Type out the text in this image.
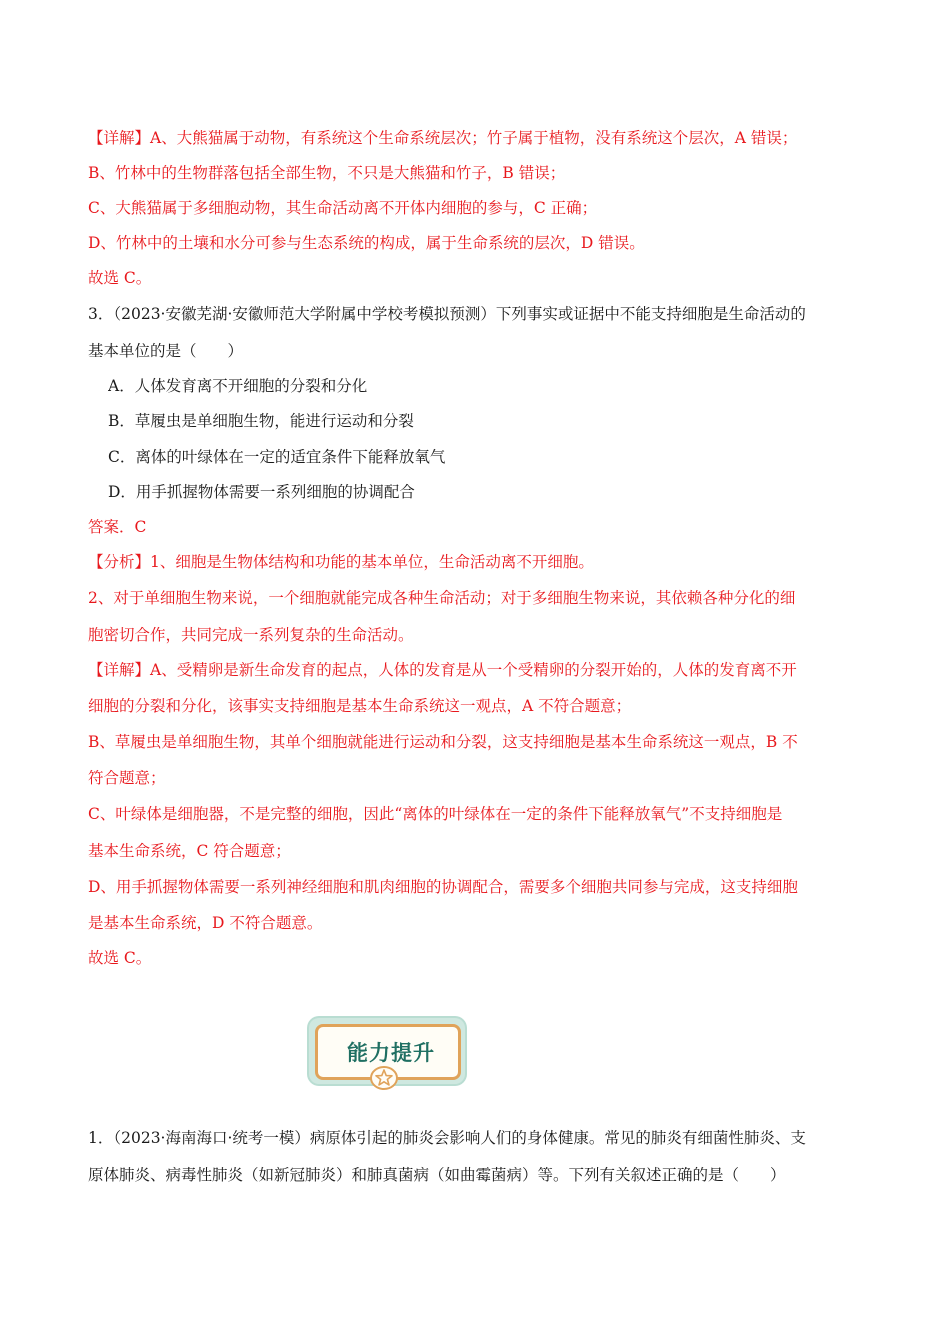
【详解】A、大熊猫属于动物，有系统这个生命系统层次；竹子属于植物，没有系统这个层次，A 错误；
B、竹林中的生物群落包括全部生物，不只是大熊猫和竹子，B 错误；
C、大熊猫属于多细胞动物，其生命活动离不开体内细胞的参与，C 正确；
D、竹林中的土壤和水分可参与生态系统的构成，属于生命系统的层次，D 错误。
故选 C。
3．（2023·安徽芜湖·安徽师范大学附属中学校考模拟预测）下列事实或证据中不能支持细胞是生命活动的
基本单位的是（　　）
A．人体发育离不开细胞的分裂和分化
B．草履虫是单细胞生物，能进行运动和分裂
C．离体的叶绿体在一定的适宜条件下能释放氧气
D．用手抓握物体需要一系列细胞的协调配合
答案．C
【分析】1、细胞是生物体结构和功能的基本单位，生命活动离不开细胞。
2、对于单细胞生物来说，一个细胞就能完成各种生命活动；对于多细胞生物来说，其依赖各种分化的细
胞密切合作，共同完成一系列复杂的生命活动。
【详解】A、受精卵是新生命发育的起点，人体的发育是从一个受精卵的分裂开始的，人体的发育离不开
细胞的分裂和分化，该事实支持细胞是基本生命系统这一观点，A 不符合题意；
B、草履虫是单细胞生物，其单个细胞就能进行运动和分裂，这支持细胞是基本生命系统这一观点，B 不
符合题意；
C、叶绿体是细胞器，不是完整的细胞，因此“离体的叶绿体在一定的条件下能释放氧气”不支持细胞是
基本生命系统，C 符合题意；
D、用手抓握物体需要一系列神经细胞和肌肉细胞的协调配合，需要多个细胞共同参与完成，这支持细胞
是基本生命系统，D 不符合题意。
故选 C。
能力提升
1．（2023·海南海口·统考一模）病原体引起的肺炎会影响人们的身体健康。常见的肺炎有细菌性肺炎、支
原体肺炎、病毒性肺炎（如新冠肺炎）和肺真菌病（如曲霉菌病）等。下列有关叙述正确的是（　　）
